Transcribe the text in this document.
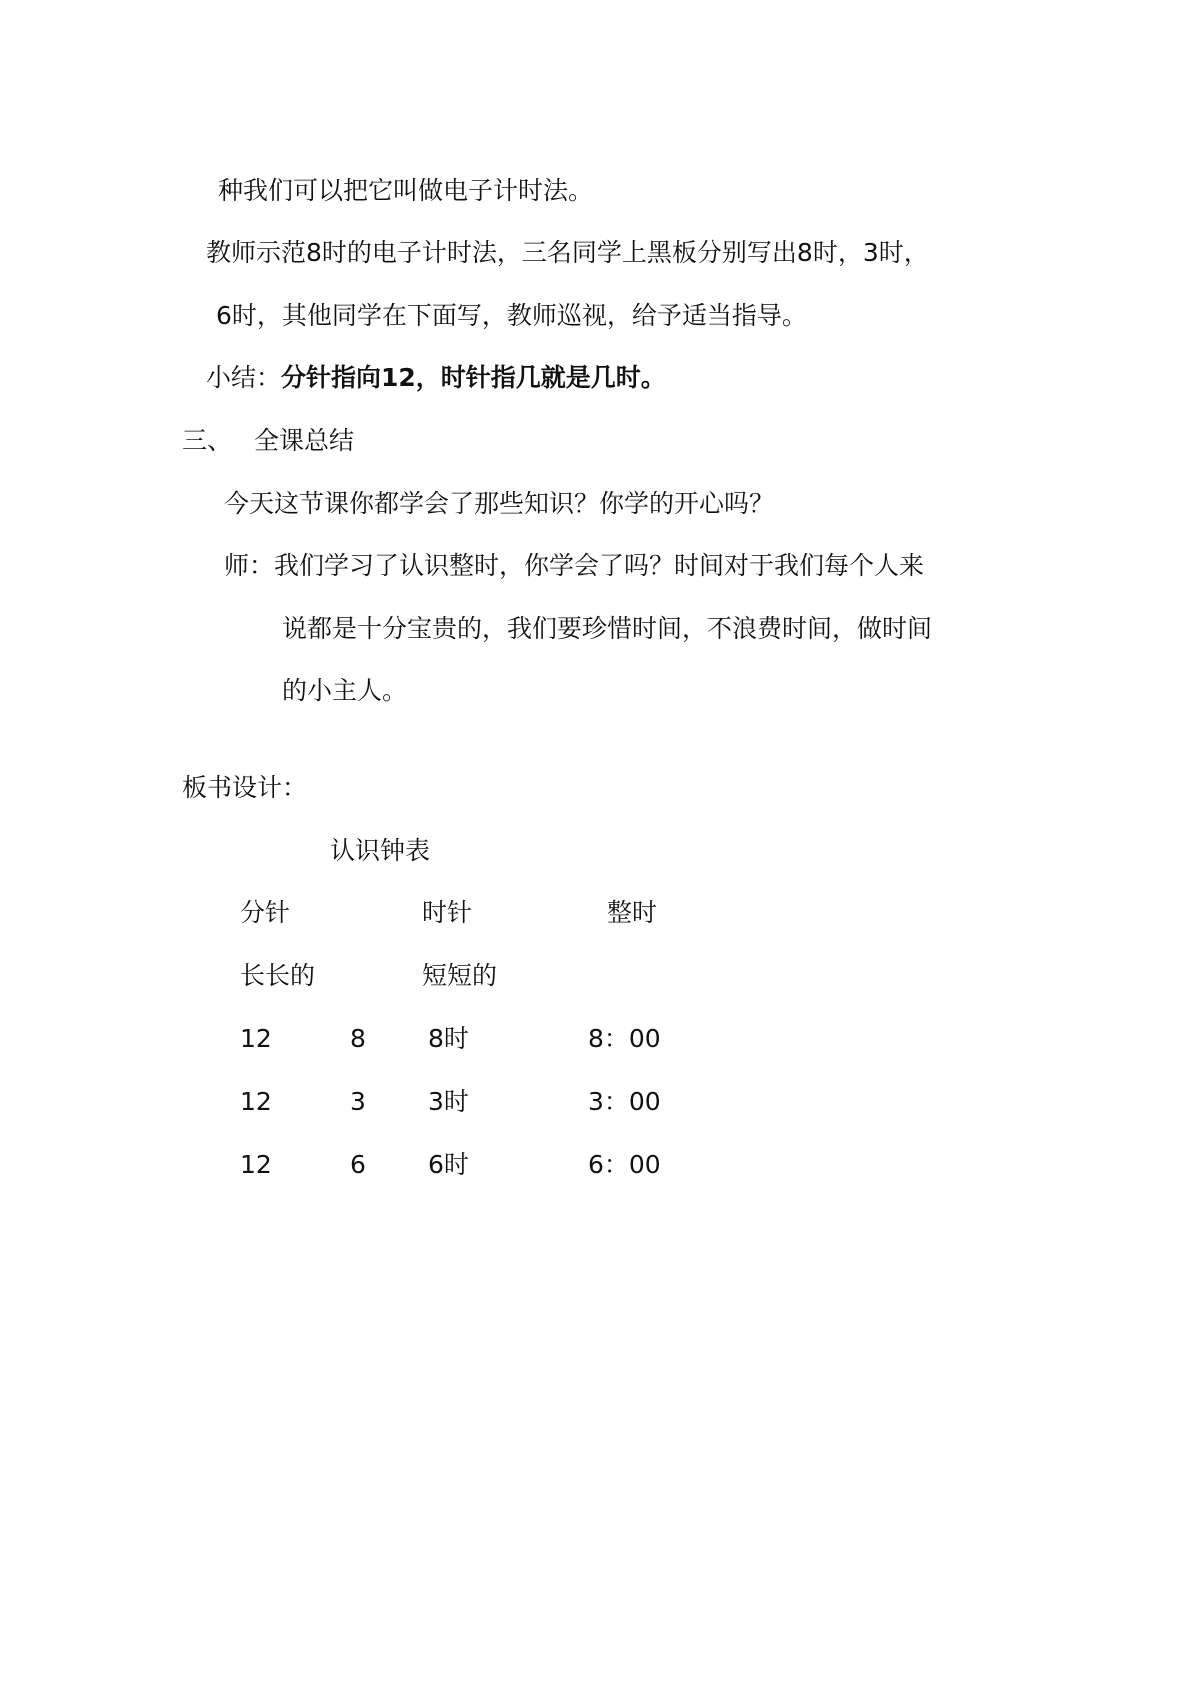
种我们可以把它叫做电子计时法。
教师示范8时的电子计时法，三名同学上黑板分别写出8时，3时，
6时，其他同学在下面写，教师巡视，给予适当指导。
小结：分针指向12，时针指几就是几时。
三、 全课总结
今天这节课你都学会了那些知识？你学的开心吗？
师：我们学习了认识整时，你学会了吗？时间对于我们每个人来
说都是十分宝贵的，我们要珍惜时间，不浪费时间，做时间
的小主人。
板书设计：
认识钟表
分针	时针	整时
长长的	短短的
12	8 8时	8：00
12	3 3时	3：00
12	6 6时	6：00
